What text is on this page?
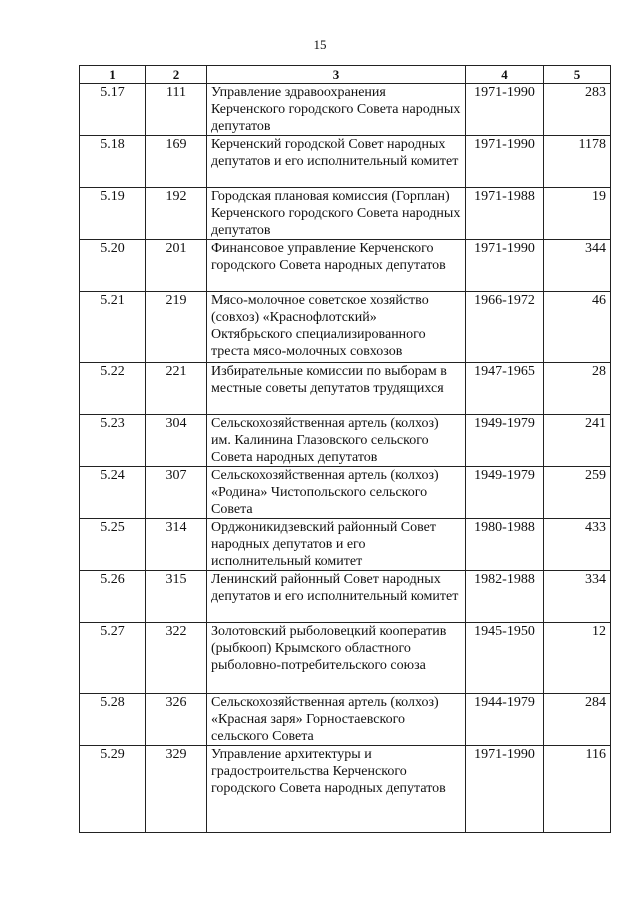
15
1	2	3	4	5
5.17	111	Управление здравоохранения Керченского городского Совета народных депутатов	1971-1990	283
5.18	169	Керченский городской Совет народных депутатов и его исполнительный комитет	1971-1990	1178
5.19	192	Городская плановая комиссия (Горплан) Керченского городского Совета народных депутатов	1971-1988	19
5.20	201	Финансовое управление Керченского городского Совета народных депутатов	1971-1990	344
5.21	219	Мясо-молочное советское хозяйство (совхоз) «Краснофлотский» Октябрьского специализированного треста мясо-молочных совхозов	1966-1972	46
5.22	221	Избирательные комиссии по выборам в местные советы депутатов трудящихся	1947-1965	28
5.23	304	Сельскохозяйственная артель (колхоз) им. Калинина Глазовского сельского Совета народных депутатов	1949-1979	241
5.24	307	Сельскохозяйственная артель (колхоз) «Родина» Чистопольского сельского Совета	1949-1979	259
5.25	314	Орджоникидзевский районный Совет народных депутатов и его исполнительный комитет	1980-1988	433
5.26	315	Ленинский районный Совет народных депутатов и его исполнительный комитет	1982-1988	334
5.27	322	Золотовский рыболовецкий кооператив (рыбкооп) Крымского областного рыболовно-потребительского союза	1945-1950	12
5.28	326	Сельскохозяйственная артель (колхоз) «Красная заря» Горностаевского сельского Совета	1944-1979	284
5.29	329	Управление архитектуры и градостроительства Керченского городского Совета народных депутатов	1971-1990	116
